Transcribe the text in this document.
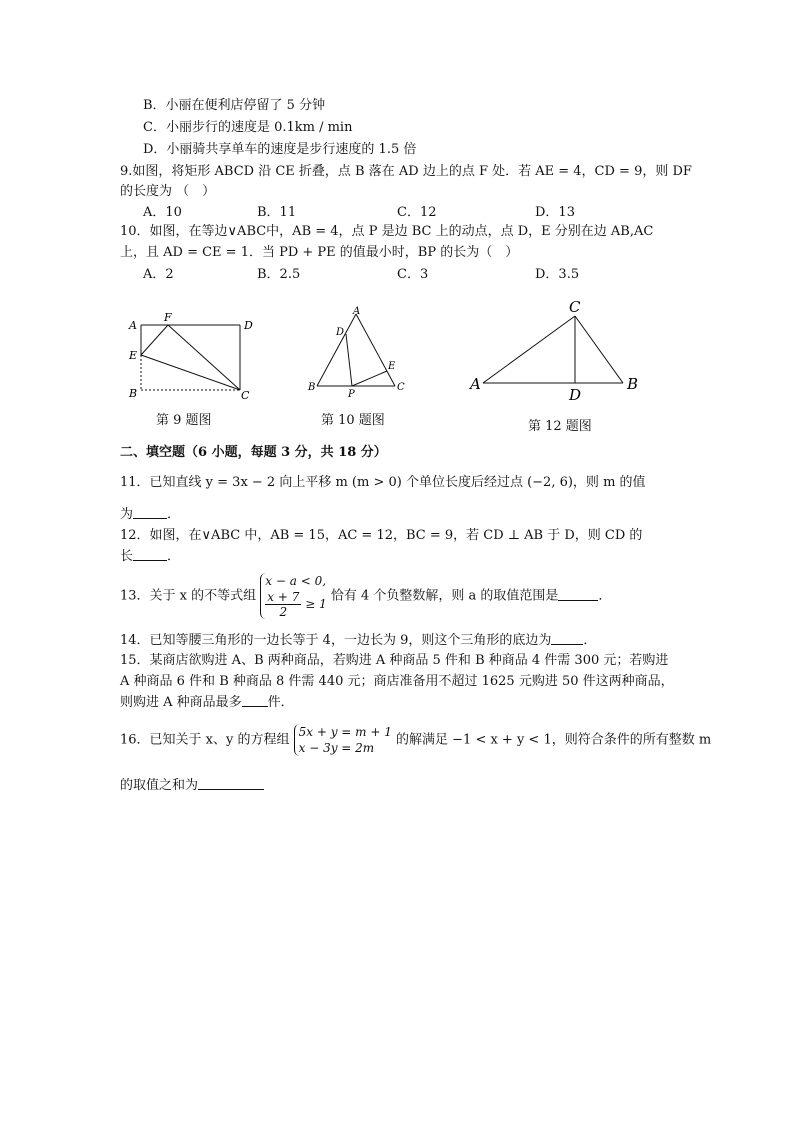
B．小丽在便利店停留了 5 分钟
C．小丽步行的速度是 0.1km / min
D．小丽骑共享单车的速度是步行速度的 1.5 倍
9.如图，将矩形 ABCD 沿 CE 折叠，点 B 落在 AD 边上的点 F 处．若 AE = 4，CD = 9，则 DF
的长度为 （　）
A．10	B．11	C．12	D．13
10．如图，在等边∨ABC中，AB = 4，点 P 是边 BC 上的动点，点 D，E 分别在边 AB,AC
上，且 AD = CE = 1．当 PD + PE 的值最小时，BP 的长为（　）
A．2	B．2.5	C．3	D．3.5
A
F
D
E
B	C
第 9 题图
A
D
E
B
P
C
第 10 题图
C
A
D
B
第 12 题图
二、填空题（6 小题，每题 3 分，共 18 分）
11．已知直线 y = 3x − 2 向上平移 m (m > 0) 个单位长度后经过点 (−2, 6)，则 m 的值
为	．
12．如图，在∨ABC 中，AB = 15，AC = 12，BC = 9，若 CD ⊥ AB 于 D，则 CD 的
长	．
13．关于 x 的不等式组
x − a < 0,
$\frac{x + 7}{2} \ge 1$
恰有 4 个负整数解，则 a 的取值范围是	．
14．已知等腰三角形的一边长等于 4，一边长为 9，则这个三角形的底边为 ．
15．某商店欲购进 A、B 两种商品，若购进 A 种商品 5 件和 B 种商品 4 件需 300 元；若购进
A 种商品 6 件和 B 种商品 8 件需 440 元；商店准备用不超过 1625 元购进 50 件这两种商品，
则购进 A 种商品最多 件．
16．已知关于 x、y 的方程组
5x + y = m + 1
x − 3y = 2m
的解满足 −1 < x + y < 1，则符合条件的所有整数 m
的取值之和为
